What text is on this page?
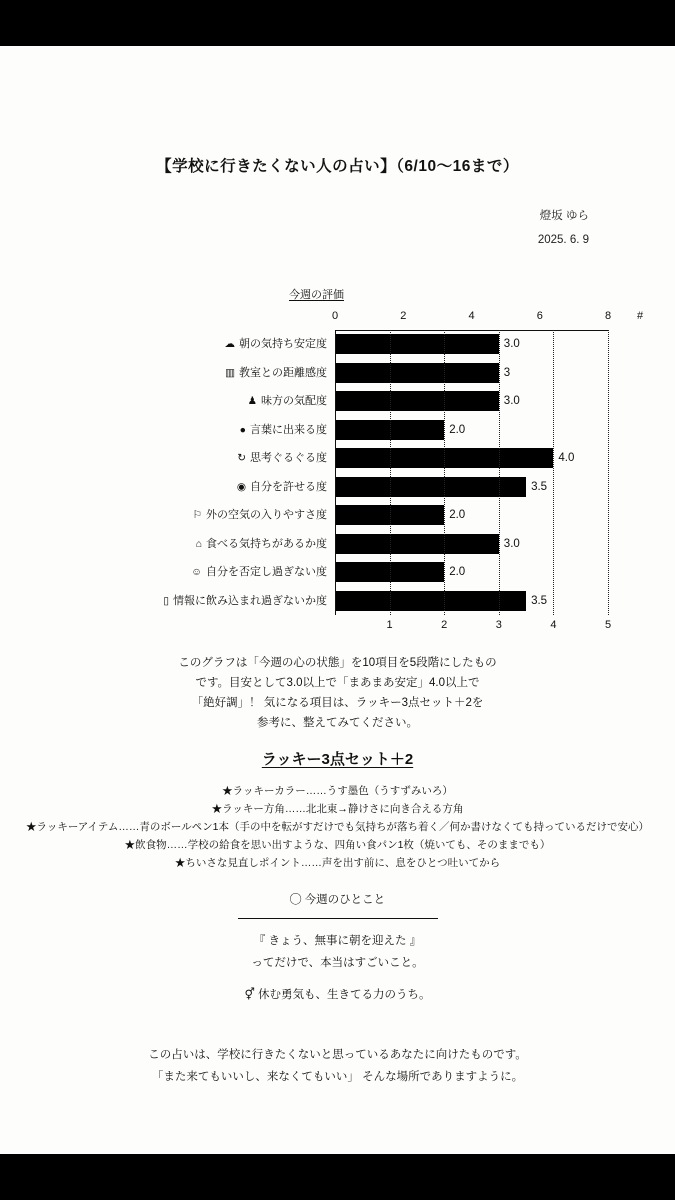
【学校に行きたくない人の占い】（6/10〜16まで）
燈坂 ゆら
2025. 6. 9
今週の評価
0	2	4	6	8 #
1	2	3	4	5
☁ 朝の気持ち安定度	3.0
▥ 教室との距離感度	3
♟ 味方の気配度	3.0
● 言葉に出来る度	2.0
↻ 思考ぐるぐる度	4.0
◉ 自分を許せる度	3.5
⚐ 外の空気の入りやすさ度	2.0
⌂ 食べる気持ちがあるか度	3.0
☺ 自分を否定し過ぎない度	2.0
▯ 情報に飲み込まれ過ぎないか度	3.5
このグラフは「今週の心の状態」を10項目を5段階にしたもの
です。目安として3.0以上で「まあまあ安定」4.0以上で
「絶好調」！ 気になる項目は、ラッキー3点セット＋2を
参考に、整えてみてください。
ラッキー3点セット＋2
★ラッキーカラー……うす墨色（うすずみいろ）
★ラッキー方角……北北東→静けさに向き合える方角
★ラッキーアイテム……青のボールペン1本（手の中を転がすだけでも気持ちが落ち着く／何か書けなくても持っているだけで安心）
★飲食物……学校の給食を思い出すような、四角い食パン1枚（焼いても、そのままでも）
★ちいさな見直しポイント……声を出す前に、息をひとつ吐いてから
◯ 今週のひとこと
『 きょう、無事に朝を迎えた 』
ってだけで、本当はすごいこと。
⚥ 休む勇気も、生きてる力のうち。
この占いは、学校に行きたくないと思っているあなたに向けたものです。
「また来てもいいし、来なくてもいい」 そんな場所でありますように。
